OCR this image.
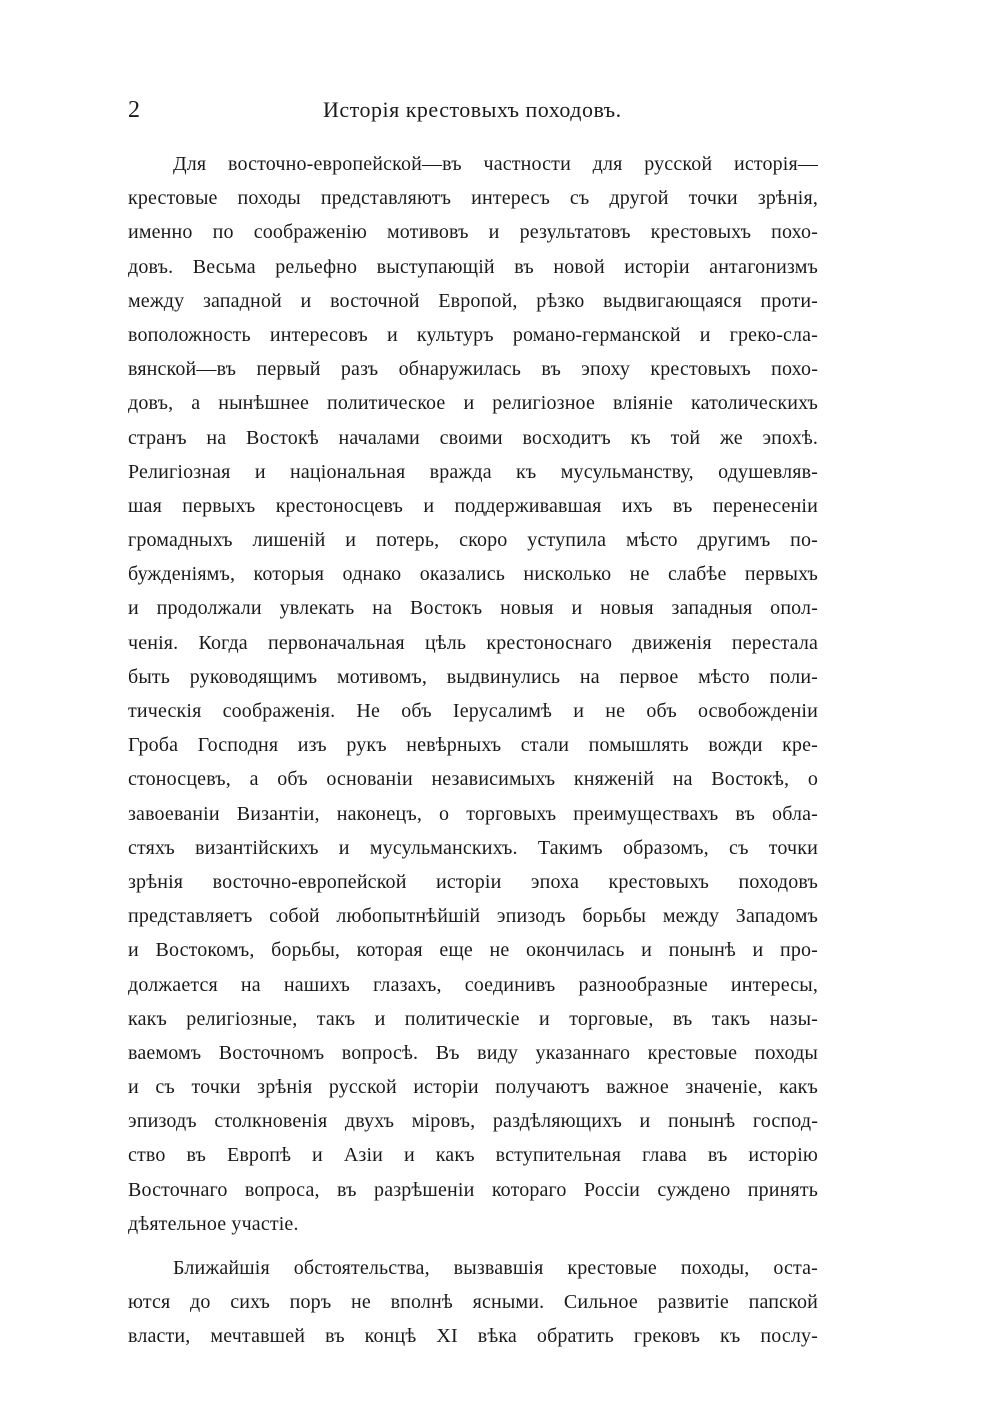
2	Исторія крестовыхъ походовъ.
Для восточно-европейской—въ частности для русской исторія—
крестовые походы представляютъ интересъ съ другой точки зрѣнія,
именно по соображенію мотивовъ и результатовъ крестовыхъ похо-
довъ. Весьма рельефно выступающій въ новой исторіи антагонизмъ
между западной и восточной Европой, рѣзко выдвигающаяся проти-
воположность интересовъ и культуръ романо-германской и греко-сла-
вянской—въ первый разъ обнаружилась въ эпоху крестовыхъ похо-
довъ, а нынѣшнее политическое и религіозное вліяніе католическихъ
странъ на Востокѣ началами своими восходитъ къ той же эпохѣ.
Религіозная и національная вражда къ мусульманству, одушевляв-
шая первыхъ крестоносцевъ и поддерживавшая ихъ въ перенесеніи
громадныхъ лишеній и потерь, скоро уступила мѣсто другимъ по-
бужденіямъ, которыя однако оказались нисколько не слабѣе первыхъ
и продолжали увлекать на Востокъ новыя и новыя западныя опол-
ченія. Когда первоначальная цѣль крестоноснаго движенія перестала
быть руководящимъ мотивомъ, выдвинулись на первое мѣсто поли-
тическія соображенія. Не объ Іерусалимѣ и не объ освобожденіи
Гроба Господня изъ рукъ невѣрныхъ стали помышлять вожди кре-
стоносцевъ, а объ основаніи независимыхъ княженій на Востокѣ, о
завоеваніи Византіи, наконецъ, о торговыхъ преимуществахъ въ обла-
стяхъ византійскихъ и мусульманскихъ. Такимъ образомъ, съ точки
зрѣнія восточно-европейской исторіи эпоха крестовыхъ походовъ
представляетъ собой любопытнѣйшій эпизодъ борьбы между Западомъ
и Востокомъ, борьбы, которая еще не окончилась и понынѣ и про-
должается на нашихъ глазахъ, соединивъ разнообразные интересы,
какъ религіозные, такъ и политическіе и торговые, въ такъ назы-
ваемомъ Восточномъ вопросѣ. Въ виду указаннаго крестовые походы
и съ точки зрѣнія русской исторіи получаютъ важное значеніе, какъ
эпизодъ столкновенія двухъ міровъ, раздѣляющихъ и понынѣ господ-
ство въ Европѣ и Азіи и какъ вступительная глава въ исторію
Восточнаго вопроса, въ разрѣшеніи котораго Россіи суждено принять
дѣятельное участіе.
Ближайшія обстоятельства, вызвавшія крестовые походы, оста-
ются до сихъ поръ не вполнѣ ясными. Сильное развитіе папской
власти, мечтавшей въ концѣ XI вѣка обратить грековъ къ послу-
